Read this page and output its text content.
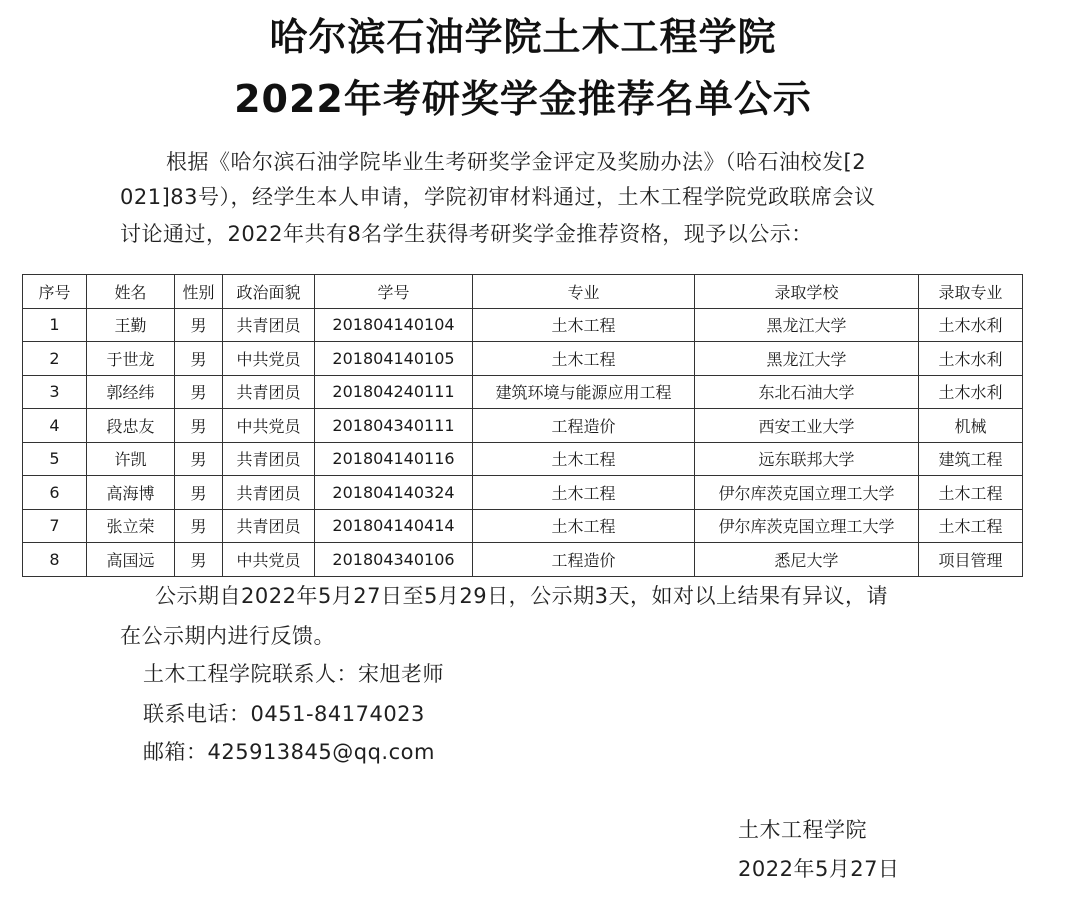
哈尔滨石油学院土木工程学院
2022年考研奖学金推荐名单公示
根据《哈尔滨石油学院毕业生考研奖学金评定及奖励办法》（哈石油校发[2
021]83号），经学生本人申请，学院初审材料通过，土木工程学院党政联席会议
讨论通过，2022年共有8名学生获得考研奖学金推荐资格，现予以公示：
序号	姓名	性别	政治面貌	学号	专业	录取学校	录取专业
1	王勤	男	共青团员	201804140104	土木工程	黑龙江大学	土木水利
2	于世龙	男	中共党员	201804140105	土木工程	黑龙江大学	土木水利
3	郭经纬	男	共青团员	201804240111	建筑环境与能源应用工程	东北石油大学	土木水利
4	段忠友	男	中共党员	201804340111	工程造价	西安工业大学	机械
5	许凯	男	共青团员	201804140116	土木工程	远东联邦大学	建筑工程
6	高海博	男	共青团员	201804140324	土木工程	伊尔库茨克国立理工大学	土木工程
7	张立荣	男	共青团员	201804140414	土木工程	伊尔库茨克国立理工大学	土木工程
8	高国远	男	中共党员	201804340106	工程造价	悉尼大学	项目管理
公示期自2022年5月27日至5月29日，公示期3天，如对以上结果有异议，请
在公示期内进行反馈。
土木工程学院联系人：宋旭老师
联系电话：0451-84174023
邮箱：425913845@qq.com
土木工程学院
2022年5月27日
